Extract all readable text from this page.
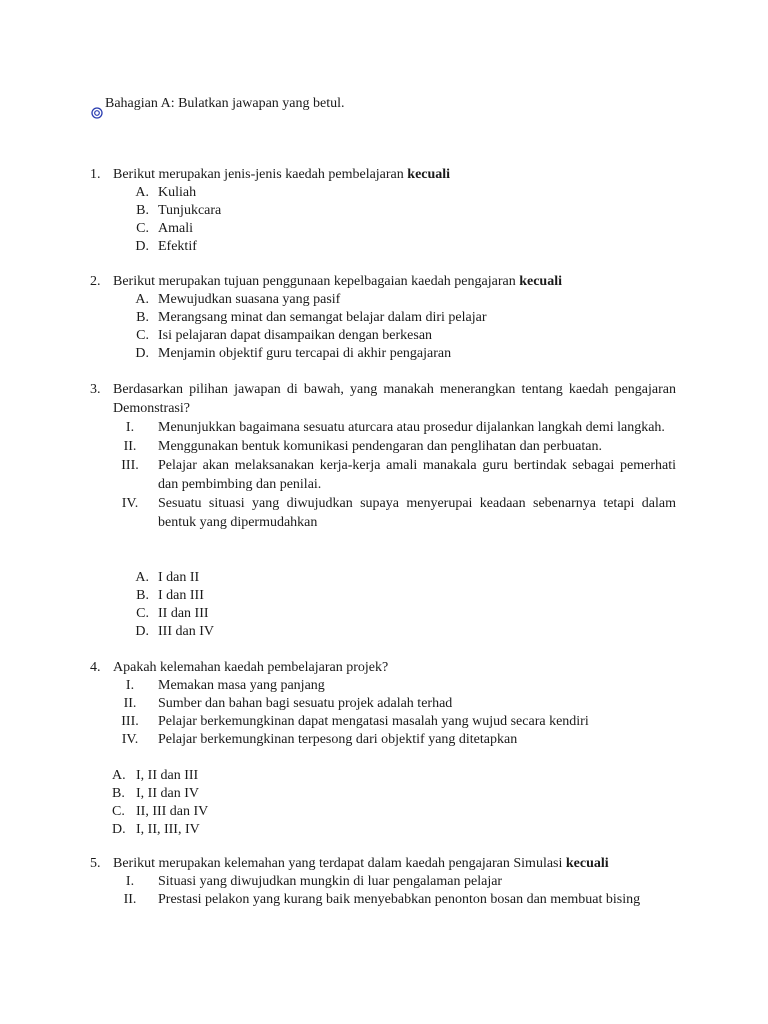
Bahagian A: Bulatkan jawapan yang betul.
1. Berikut merupakan jenis-jenis kaedah pembelajaran kecuali
A. Kuliah
B. Tunjukcara
C. Amali
D. Efektif
2. Berikut merupakan tujuan penggunaan kepelbagaian kaedah pengajaran kecuali
A. Mewujudkan suasana yang pasif
B. Merangsang minat dan semangat belajar dalam diri pelajar
C. Isi pelajaran dapat disampaikan dengan berkesan
D. Menjamin objektif guru tercapai di akhir pengajaran
3. Berdasarkan pilihan jawapan di bawah, yang manakah menerangkan tentang kaedah pengajaran Demonstrasi?
I.	Menunjukkan bagaimana sesuatu aturcara atau prosedur dijalankan langkah demi langkah.
II.	Menggunakan bentuk komunikasi pendengaran dan penglihatan dan perbuatan.
III.	Pelajar akan melaksanakan kerja-kerja amali manakala guru bertindak sebagai pemerhati dan pembimbing dan penilai.
IV.	Sesuatu situasi yang diwujudkan supaya menyerupai keadaan sebenarnya tetapi dalam bentuk yang dipermudahkan
A. I dan II
B. I dan III
C. II dan III
D. III dan IV
4. Apakah kelemahan kaedah pembelajaran projek?
I.	Memakan masa yang panjang
II.	Sumber dan bahan bagi sesuatu projek adalah terhad
III.	Pelajar berkemungkinan dapat mengatasi masalah yang wujud secara kendiri
IV.	Pelajar berkemungkinan terpesong dari objektif yang ditetapkan
A. I, II dan III
B. I, II dan IV
C. II, III dan IV
D. I, II, III, IV
5. Berikut merupakan kelemahan yang terdapat dalam kaedah pengajaran Simulasi kecuali
I.	Situasi yang diwujudkan mungkin di luar pengalaman pelajar
II.	Prestasi pelakon yang kurang baik menyebabkan penonton bosan dan membuat bising
